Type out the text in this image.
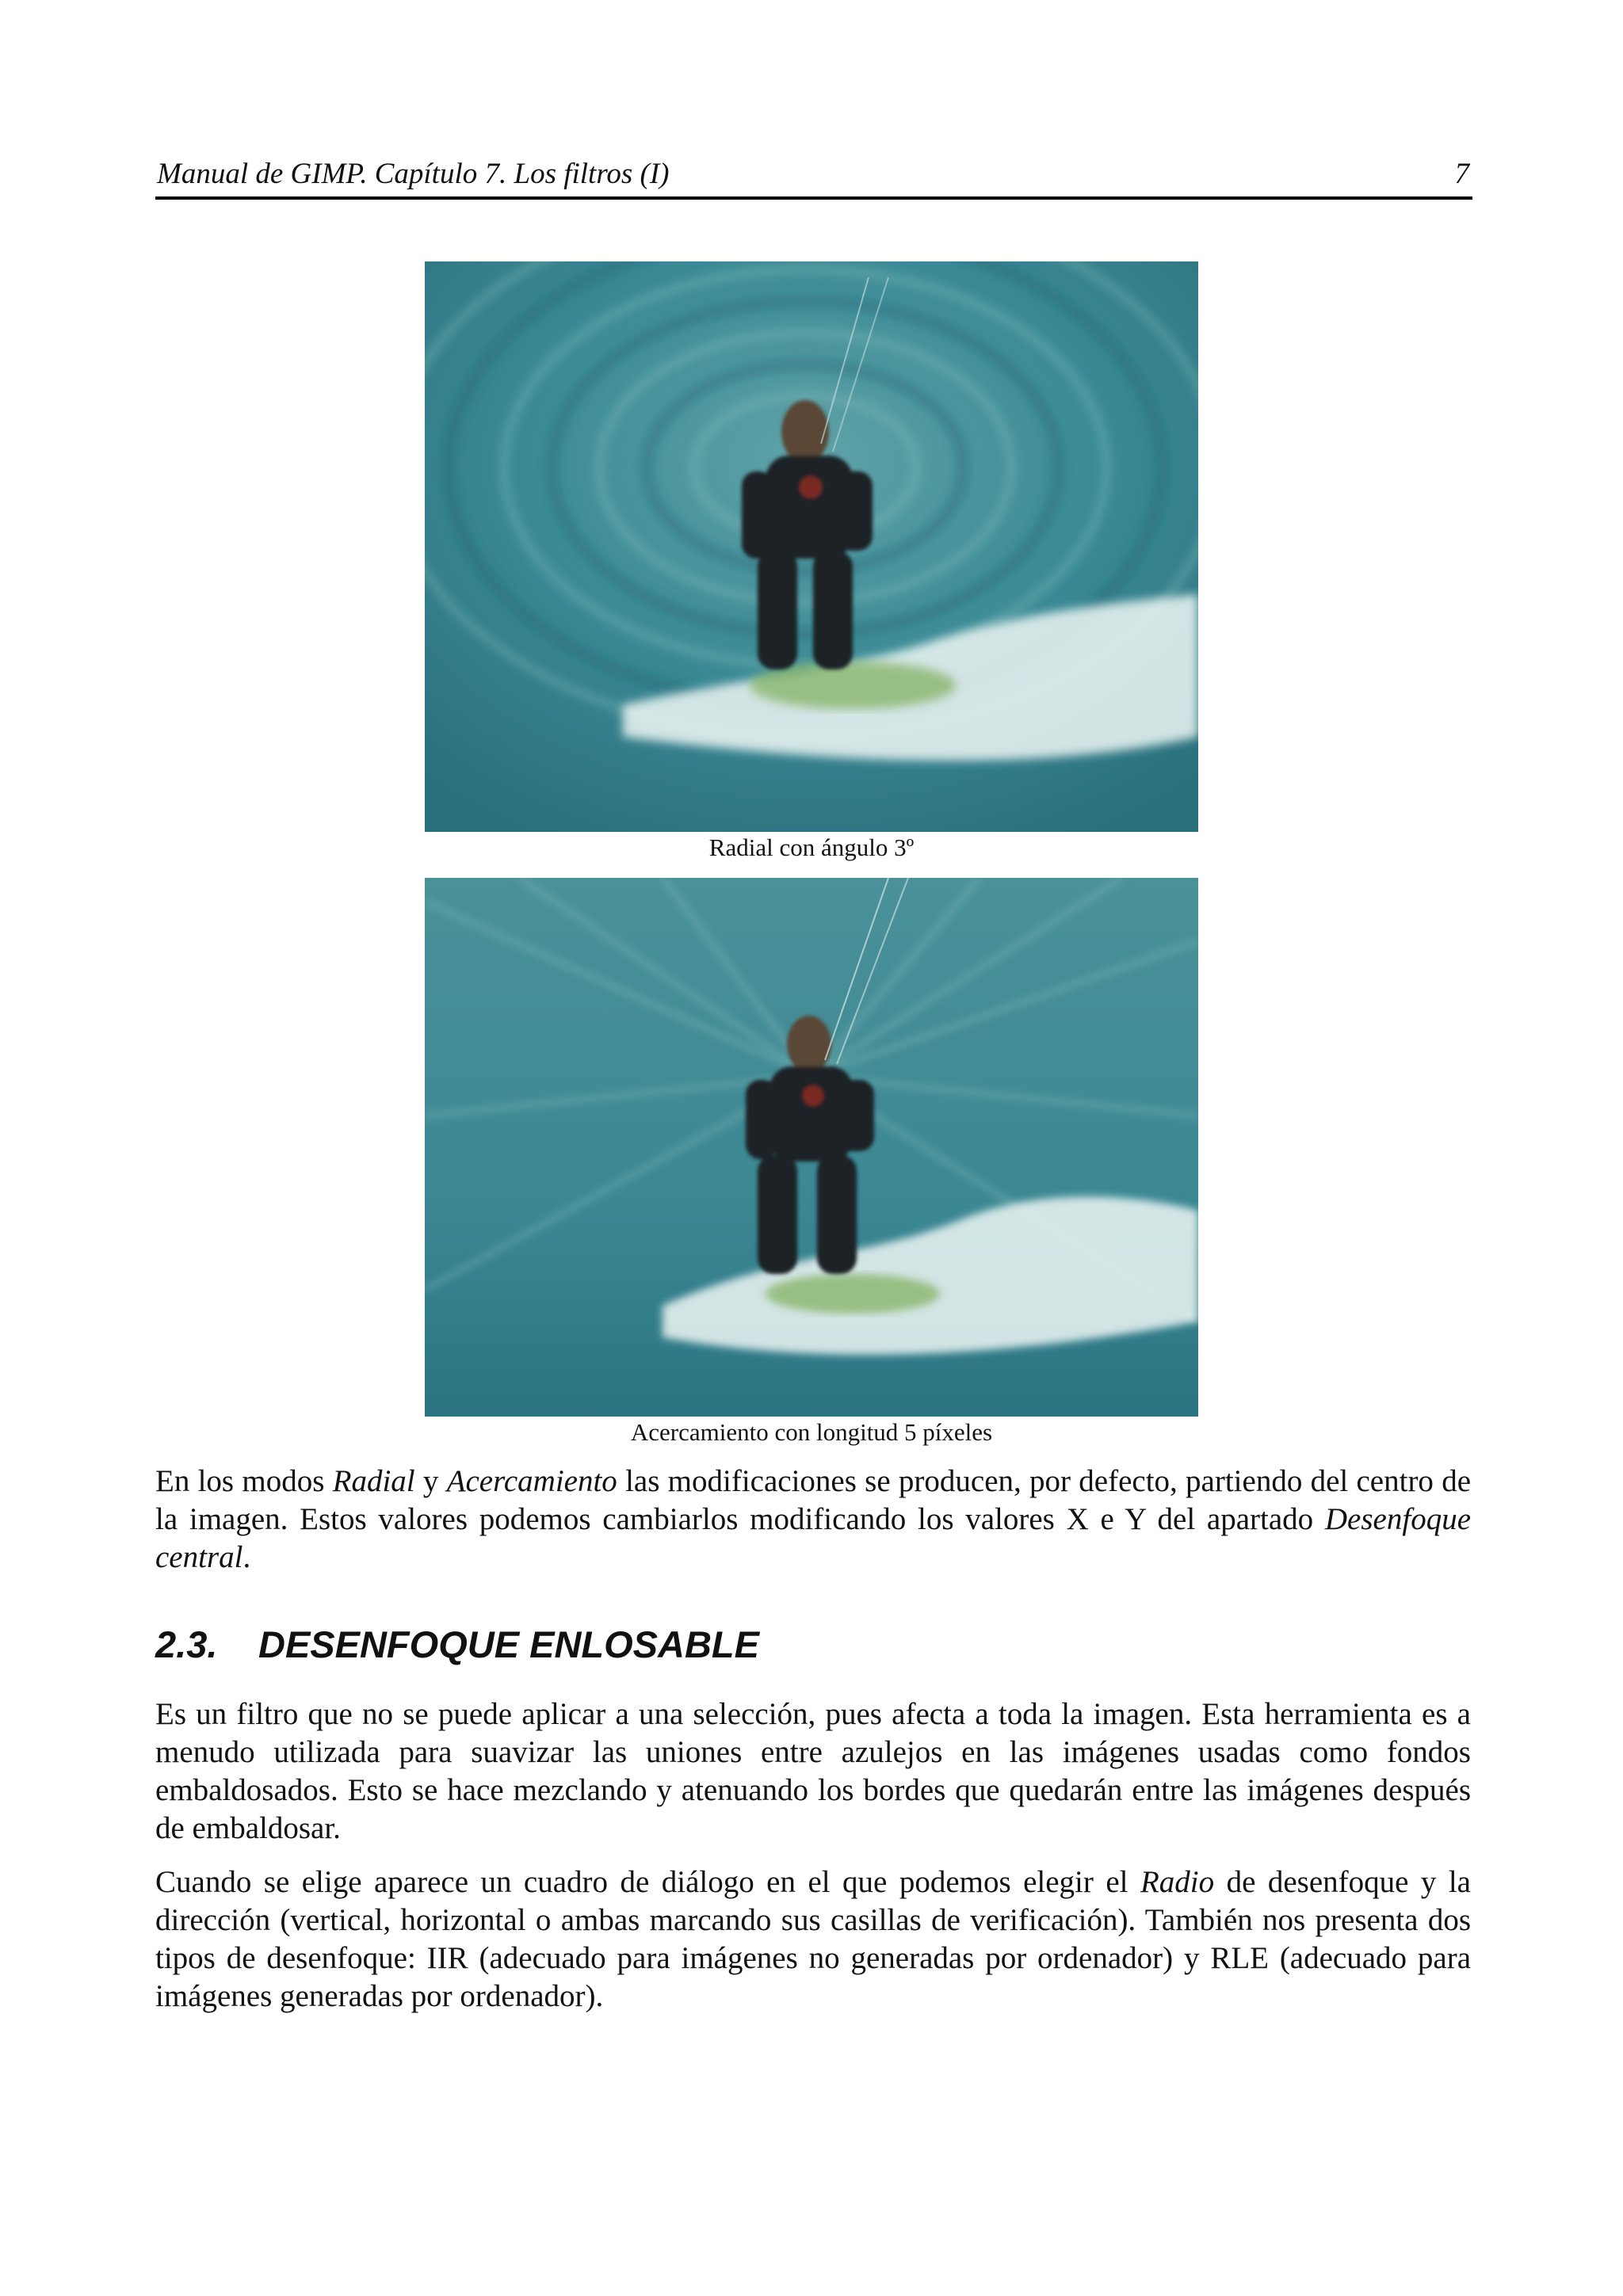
Manual de GIMP. Capítulo 7. Los filtros (I)	7
Radial con ángulo 3º
Acercamiento con longitud 5 píxeles

En los modos Radial y Acercamiento las modificaciones se producen, por defecto, partiendo del centro de la imagen. Estos valores podemos cambiarlos modificando los valores X e Y del apartado Desenfoque central.

2.3. DESENFOQUE ENLOSABLE

Es un filtro que no se puede aplicar a una selección, pues afecta a toda la imagen. Esta herramienta es a menudo utilizada para suavizar las uniones entre azulejos en las imágenes usadas como fondos embaldosados. Esto se hace mezclando y atenuando los bordes que quedarán entre las imágenes después de embaldosar.

Cuando se elige aparece un cuadro de diálogo en el que podemos elegir el Radio de desenfoque y la dirección (vertical, horizontal o ambas marcando sus casillas de verificación). También nos presenta dos tipos de desenfoque: IIR (adecuado para imágenes no generadas por ordenador) y RLE (adecuado para imágenes generadas por ordenador).
